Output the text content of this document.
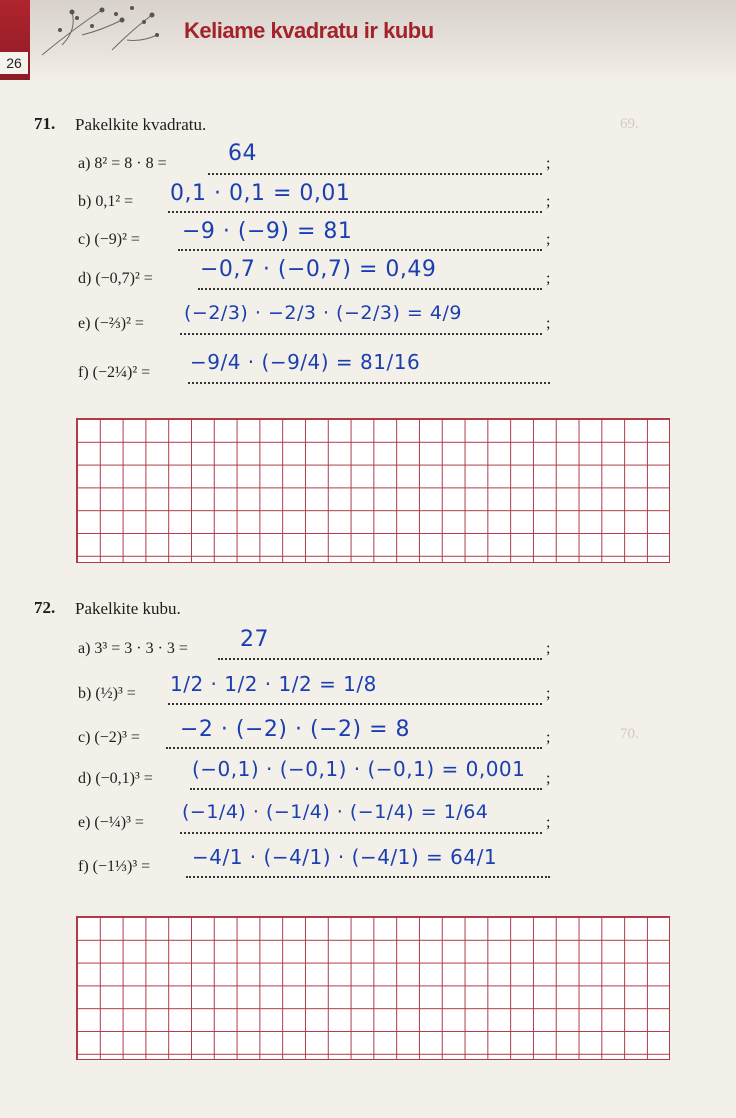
26
Keliame kvadratu ir kubu
71. Pakelkite kvadratu.
a) 8² = 8 · 8 =	;
64
b) 0,1² =	;
0,1 · 0,1 = 0,01
c) (−9)² =	;
−9 · (−9) = 81
d) (−0,7)² =	;
−0,7 · (−0,7) = 0,49
e) (−⅔)² =	;
(−2/3) · −2/3 · (−2/3) = 4/9
f) (−2¼)² = −9/4 · (−9/4) = 81/16
69.
70.
72. Pakelkite kubu.
a) 3³ = 3 · 3 · 3 =	;
27
b) (½)³ =	;
1/2 · 1/2 · 1/2 = 1/8
c) (−2)³ =	;
−2 · (−2) · (−2) = 8
d) (−0,1)³ =	;
(−0,1) · (−0,1) · (−0,1) = 0,001
e) (−¼)³ =	;
(−1/4) · (−1/4) · (−1/4) = 1/64
f) (−1⅓)³ = −4/1 · (−4/1) · (−4/1) = 64/1
